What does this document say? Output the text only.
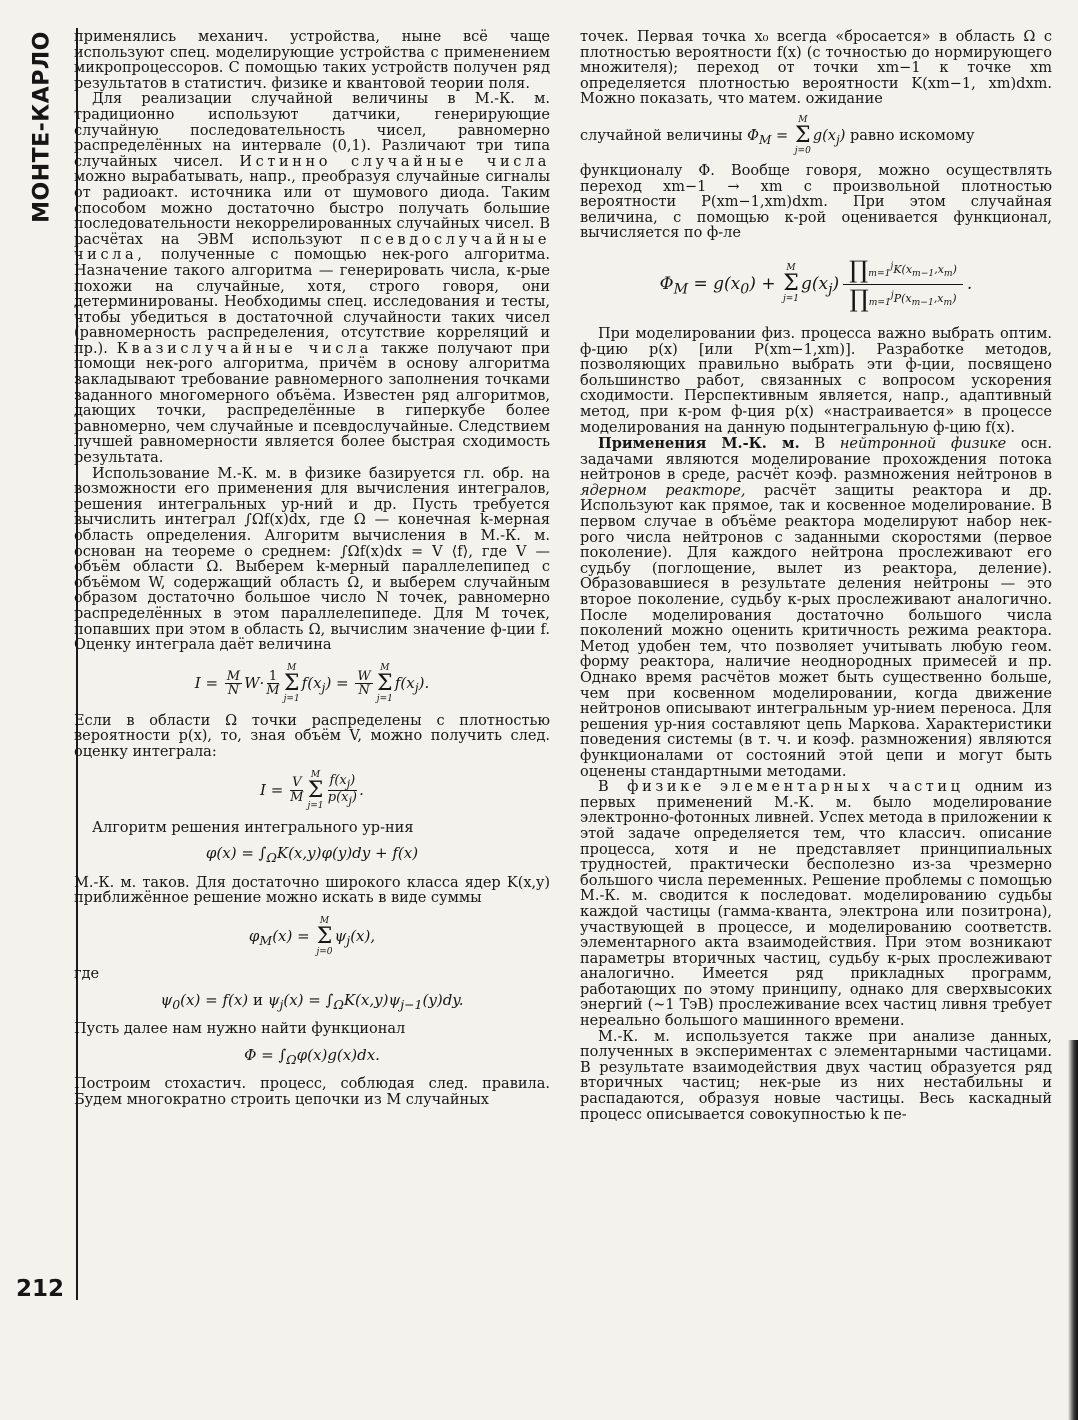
МОНТЕ-КАРЛО
212

применялись механич. устройства, ныне всё чаще используют спец. моделирующие устройства с применением микропроцессоров. С помощью таких устройств получен ряд результатов в статистич. физике и квантовой теории поля.

Для реализации случайной величины в М.-К. м. традиционно используют датчики, генерирующие случайную последовательность чисел, равномерно распределённых на интервале (0,1). Различают три типа случайных чисел. Истинно случайные числа можно вырабатывать, напр., преобразуя случайные сигналы от радиоакт. источника или от шумового диода. Таким способом можно достаточно быстро получать большие последовательности некоррелированных случайных чисел. В расчётах на ЭВМ используют псевдослучайные числа, полученные с помощью нек-рого алгоритма. Назначение такого алгоритма — генерировать числа, к-рые похожи на случайные, хотя, строго говоря, они детерминированы. Необходимы спец. исследования и тесты, чтобы убедиться в достаточной случайности таких чисел (равномерность распределения, отсутствие корреляций и пр.). Квазислучайные числа также получают при помощи нек-рого алгоритма, причём в основу алгоритма закладывают требование равномерного заполнения точками заданного многомерного объёма. Известен ряд алгоритмов, дающих точки, распределённые в гиперкубе более равномерно, чем случайные и псевдослучайные. Следствием лучшей равномерности является более быстрая сходимость результата.

Использование М.-К. м. в физике базируется гл. обр. на возможности его применения для вычисления интегралов, решения интегральных ур-ний и др. Пусть требуется вычислить интеграл ∫Ωf(x)dx, где Ω — конечная k-мерная область определения. Алгоритм вычисления в М.-К. м. основан на теореме о среднем: ∫Ωf(x)dx = V ⟨f⟩, где V — объём области Ω. Выберем k-мерный параллелепипед с объёмом W, содержащий область Ω, и выберем случайным образом достаточно большое число N точек, равномерно распределённых в этом параллелепипеде. Для M точек, попавших при этом в область Ω, вычислим значение ф-ции f. Оценку интеграла даёт величина

$I = \frac{M}{N} W\cdot \frac{1}{M}$
M
Σ
j=1
$f(x_j) = \frac{W}{N}$
M
Σ
j=1
$f(x_j)$.

Если в области Ω точки распределены с плотностью вероятности p(x), то, зная объём V, можно получить след. оценку интеграла:

$I = \frac{V}{M}$
M
Σ
$j=1 \frac{f(x_j)}{p(x_j)}$ .

Алгоритм решения интегрального ур-ния

$\varphi(x) = \int_\Omega K(x,y)\varphi(y)dy + f(x)$

М.-К. м. таков. Для достаточно широкого класса ядер K(x,y) приближённое решение можно искать в виде суммы

$\varphi_M(x)$ =
M
Σ
j=0
$\psi_j(x)$,

где

$\psi_0(x) = f(x)$ и $\psi_j(x) = \int_\Omega K(x,y)\psi_{j-1}(y)dy$.

Пусть далее нам нужно найти функционал

$\Phi = \int_\Omega\varphi(x)g(x)dx$.

Построим стохастич. процесс, соблюдая след. правила. Будем многократно строить цепочки из M случайных

точек. Первая точка x₀ всегда «бросается» в область Ω с плотностью вероятности f(x) (с точностью до нормирующего множителя); переход от точки xm−1 к точке xm определяется плотностью вероятности K(xm−1, xm)dxm. Можно показать, что матем. ожидание

случайной величины $\Phi_M$ =
M
Σ
j=0
$g(x_j)$ равно искомому

функционалу Φ. Вообще говоря, можно осуществлять переход xm−1 → xm с произвольной плотностью вероятности P(xm−1,xm)dxm. При этом случайная величина, с помощью к-рой оценивается функционал, вычисляется по ф-ле

$\Phi_M = g(x_0)$ +
M
Σ
j=1
$g(x_j) \frac{\prod_{m=1}^jK(x_{m-1},x_m)}{\prod_{m=1}^jP(x_{m-1},x_m)}$ .

При моделировании физ. процесса важно выбрать оптим. ф-цию p(x) [или P(xm−1,xm)]. Разработке методов, позволяющих правильно выбрать эти ф-ции, посвящено большинство работ, связанных с вопросом ускорения сходимости. Перспективным является, напр., адаптивный метод, при к-ром ф-ция p(x) «настраивается» в процессе моделирования на данную подынтегральную ф-цию f(x).

Применения М.-К. м. В нейтронной физике осн. задачами являются моделирование прохождения потока нейтронов в среде, расчёт коэф. размножения нейтронов в ядерном реакторе, расчёт защиты реактора и др. Используют как прямое, так и косвенное моделирование. В первом случае в объёме реактора моделируют набор нек-рого числа нейтронов с заданными скоростями (первое поколение). Для каждого нейтрона прослеживают его судьбу (поглощение, вылет из реактора, деление). Образовавшиеся в результате деления нейтроны — это второе поколение, судьбу к-рых прослеживают аналогично. После моделирования достаточно большого числа поколений можно оценить критичность режима реактора. Метод удобен тем, что позволяет учитывать любую геом. форму реактора, наличие неоднородных примесей и пр. Однако время расчётов может быть существенно больше, чем при косвенном моделировании, когда движение нейтронов описывают интегральным ур-нием переноса. Для решения ур-ния составляют цепь Маркова. Характеристики поведения системы (в т. ч. и коэф. размножения) являются функционалами от состояний этой цепи и могут быть оценены стандартными методами.

В физике элементарных частиц одним из первых применений М.-К. м. было моделирование электронно-фотонных ливней. Успех метода в приложении к этой задаче определяется тем, что классич. описание процесса, хотя и не представляет принципиальных трудностей, практически бесполезно из-за чрезмерно большого числа переменных. Решение проблемы с помощью М.-К. м. сводится к последоват. моделированию судьбы каждой частицы (гамма-кванта, электрона или позитрона), участвующей в процессе, и моделированию соответств. элементарного акта взаимодействия. При этом возникают параметры вторичных частиц, судьбу к-рых прослеживают аналогично. Имеется ряд прикладных программ, работающих по этому принципу, однако для сверхвысоких энергий (~1 ТэВ) прослеживание всех частиц ливня требует нереально большого машинного времени.

М.-К. м. используется также при анализе данных, полученных в экспериментах с элементарными частицами. В результате взаимодействия двух частиц образуется ряд вторичных частиц; нек-рые из них нестабильны и распадаются, образуя новые частицы. Весь каскадный процесс описывается совокупностью k пе-
